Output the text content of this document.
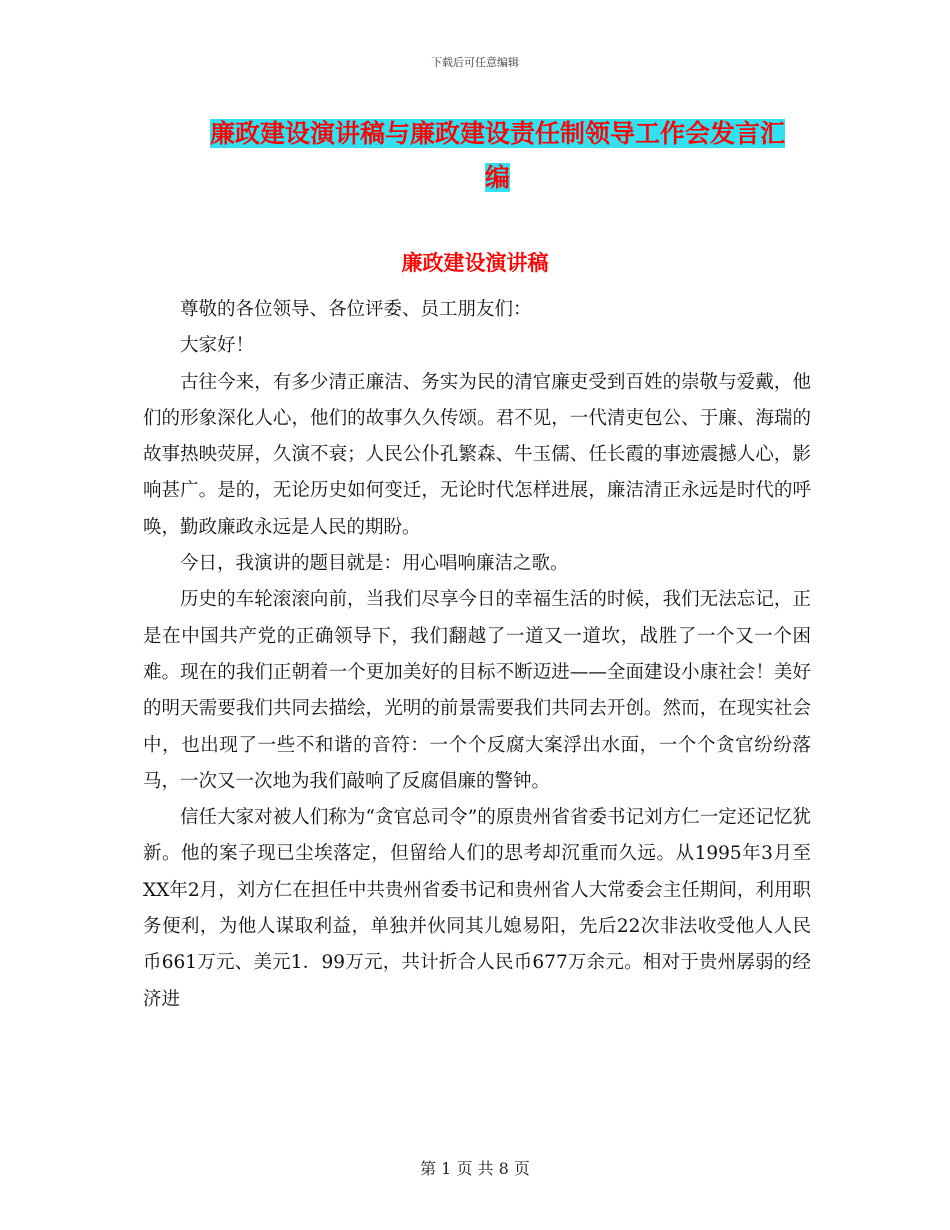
下载后可任意编辑
廉政建设演讲稿与廉政建设责任制领导工作会发言汇
编
廉政建设演讲稿

尊敬的各位领导、各位评委、员工朋友们：

大家好！

古往今来，有多少清正廉洁、务实为民的清官廉吏受到百姓的崇敬与爱戴，他们的形象深化人心，他们的故事久久传颂。君不见，一代清吏包公、于廉、海瑞的故事热映荧屏，久演不衰；人民公仆孔繁森、牛玉儒、任长霞的事迹震撼人心，影响甚广。是的，无论历史如何变迁，无论时代怎样进展，廉洁清正永远是时代的呼唤，勤政廉政永远是人民的期盼。

今日，我演讲的题目就是：用心唱响廉洁之歌。

历史的车轮滚滚向前，当我们尽享今日的幸福生活的时候，我们无法忘记，正是在中国共产党的正确领导下，我们翻越了一道又一道坎，战胜了一个又一个困难。现在的我们正朝着一个更加美好的目标不断迈进——全面建设小康社会！美好的明天需要我们共同去描绘，光明的前景需要我们共同去开创。然而，在现实社会中，也出现了一些不和谐的音符：一个个反腐大案浮出水面，一个个贪官纷纷落马，一次又一次地为我们敲响了反腐倡廉的警钟。

信任大家对被人们称为“贪官总司令”的原贵州省省委书记刘方仁一定还记忆犹新。他的案子现已尘埃落定，但留给人们的思考却沉重而久远。从1995年3月至XX年2月，刘方仁在担任中共贵州省委书记和贵州省人大常委会主任期间，利用职务便利，为他人谋取利益，单独并伙同其儿媳易阳，先后22次非法收受他人人民币661万元、美元1．99万元，共计折合人民币677万余元。相对于贵州孱弱的经济进

第 1 页 共 8 页
